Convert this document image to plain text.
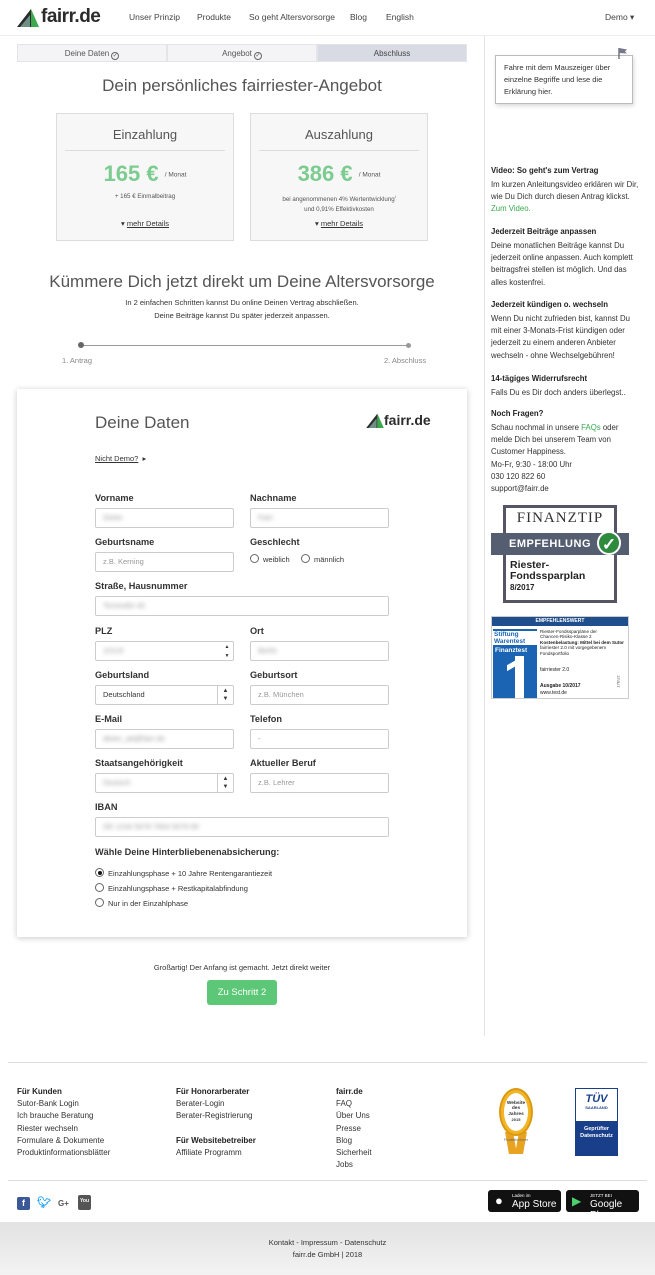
fairr.de	Unser Prinzip Produkte So geht Altersvorsorge Blog English	Demo ▾
Deine Daten ✓	Angebot ✓	Abschluss
Dein persönliches fairriester-Angebot
Einzahlung
165 € / Monat
+ 165 € Einmalbeitrag
▾ mehr Details
Auszahlung
386 € / Monat
bei angenommenen 4% Wertentwicklung$^i$
und 0,91% Effektivkosten
▾ mehr Details
Kümmere Dich jetzt direkt um Deine Altersvorsorge
In 2 einfachen Schritten kannst Du online Deinen Vertrag abschließen.
Deine Beiträge kannst Du später jederzeit anpassen.
1. Antrag	2. Abschluss
Deine Daten	fairr.de
Nicht Demo?  ▸
Vorname
Dieter
Nachname
Fairr
Geburtsname
z.B. Kerning
Geschlecht
weiblich	männlich
Straße, Hausnummer
Torstraße 40
PLZ
10119	▲
▼
Ort
Berlin
Geburtsland
Deutschland	▲
▼
Geburtsort
z.B. München
E-Mail
dieter_ab@fairr.de
Telefon
-
Staatsangehörigkeit
Deutsch	▲
▼
Aktueller Beruf
z.B. Lehrer
IBAN
DE 1234 5678 7654 5678 90
Wähle Deine Hinterbliebenenabsicherung:
Einzahlungsphase + 10 Jahre Rentengarantiezeit
Einzahlungsphase + Restkapitalabfindung
Nur in der Einzahlphase
Großartig! Der Anfang ist gemacht. Jetzt direkt weiter
Zu Schritt 2
Fahre mit dem Mauszeiger über einzelne Begriffe und lese die Erklärung hier.
Video: So geht's zum Vertrag
Im kurzen Anleitungsvideo erklären wir Dir, wie Du Dich durch diesen Antrag klickst. Zum Video.
Jederzeit Beiträge anpassen
Deine monatlichen Beiträge kannst Du jederzeit online anpassen. Auch komplett beitragsfrei stellen ist möglich. Und das alles kostenfrei.
Jederzeit kündigen o. wechseln
Wenn Du nicht zufrieden bist, kannst Du mit einer 3-Monats-Frist kündigen oder jederzeit zu einem anderen Anbieter wechseln - ohne Wechselgebühren!
14-tägiges Widerrufsrecht
Falls Du es Dir doch anders überlegst..
Noch Fragen?
Schau nochmal in unsere FAQs oder melde Dich bei unserem Team von Customer Happiness.
Mo-Fr, 9:30 - 18:00 Uhr
030 120 822 60
support@fairr.de
FINANZTIP
EMPFEHLUNG ✓
Riester-
Fondssparplan
8/2017
EMPFEHLENSWERT
Stiftung
Warentest
Finanztest
Riester-Fondssparpläne der
Chancen-Risiko-Klasse 2
Kostenbelastung: Mittel bei dem Sutor
fairriester 2.0 mit vorgegebenem
Fondsportfolio
fairriester 2.0
Ausgabe 10/2017
www.test.de
17EU2
Für Kunden
Sutor-Bank Login
Ich brauche Beratung
Riester wechseln
Formulare & Dokumente
Produktinformationsblätter
Für Honorarberater
Berater-Login
Berater-Registrierung
Für Websitebetreiber
Affiliate Programm
fairr.de
FAQ
Über Uns
Presse
Blog
Sicherheit
Jobs
Website
des
Jahres
2015
Finalteilnehmer
TÜV
SAARLAND
Geprüfter
Datenschutz
f	🐦︎ G+	You
▶
● Laden im
App Store ▶ JETZT BEI
Google Play
Kontakt - Impressum - Datenschutz
fairr.de GmbH | 2018
